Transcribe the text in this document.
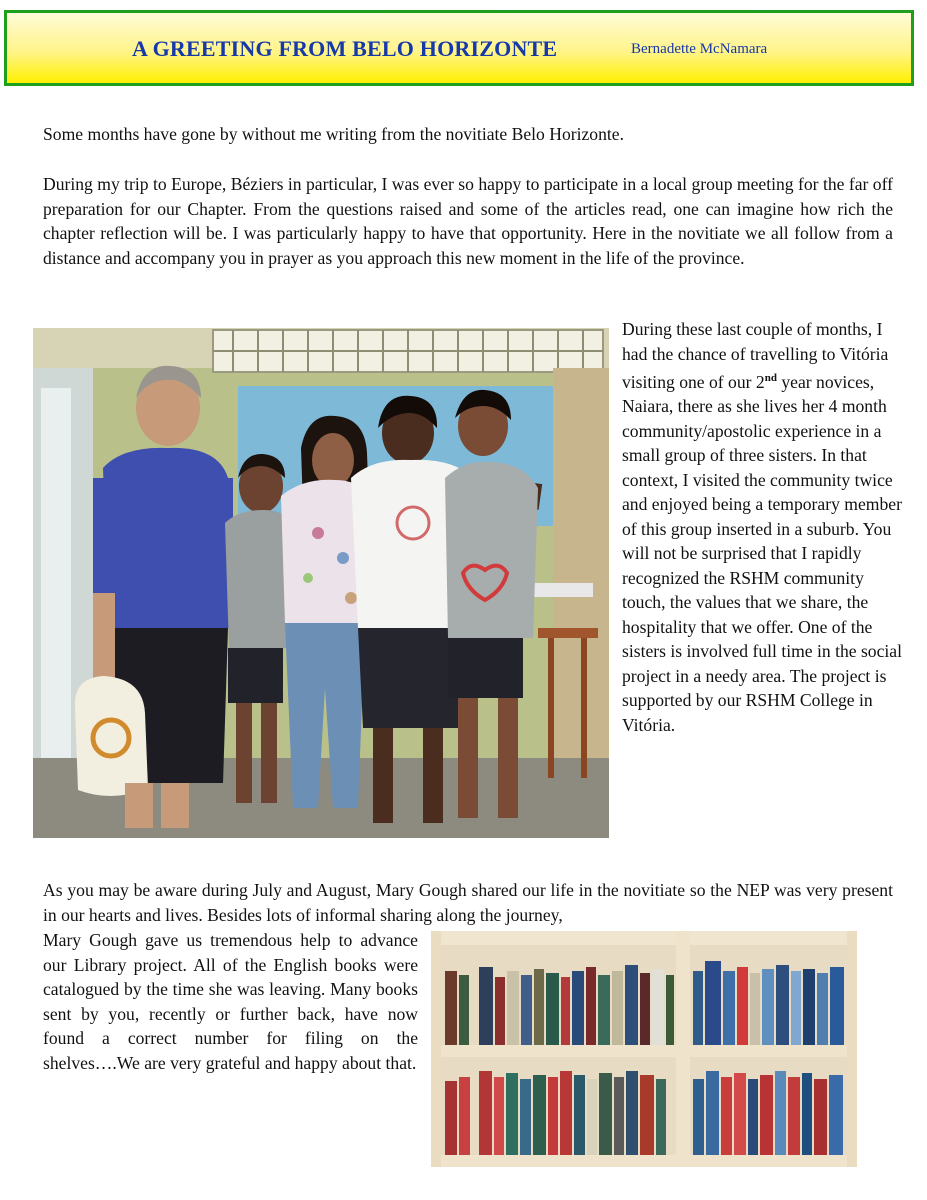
A GREETING FROM BELO HORIZONTE	Bernadette McNamara

Some months have gone by without me writing from the novitiate Belo Horizonte.

During my trip to Europe, Béziers in particular, I was ever so happy to participate in a local group meeting for the far off preparation for our Chapter. From the questions raised and some of the articles read, one can imagine how rich the chapter reflection will be. I was particularly happy to have that opportunity. Here in the novitiate we all follow from a distance and accompany you in prayer as you approach this new moment in the life of the province.

During these last couple of months, I had the chance of travelling to Vitória visiting one of our 2nd year novices, Naiara, there as she lives her 4 month community/apostolic experience in a small group of three sisters. In that context, I visited the community twice and enjoyed being a temporary member of this group inserted in a suburb. You will not be surprised that I rapidly recognized the RSHM community touch, the values that we share, the hospitality that we offer. One of the sisters is involved full time in the social project in a needy area. The project is supported by our RSHM College in Vitória.

As you may be aware during July and August, Mary Gough shared our life in the novitiate so the NEP was very present in our hearts and lives. Besides lots of informal sharing along the journey,

Mary Gough gave us tremendous help to advance our Library project. All of the English books were catalogued by the time she was leaving. Many books sent by you, recently or further back, have now found a correct number for filing on the shelves….We are very grateful and happy about that.
